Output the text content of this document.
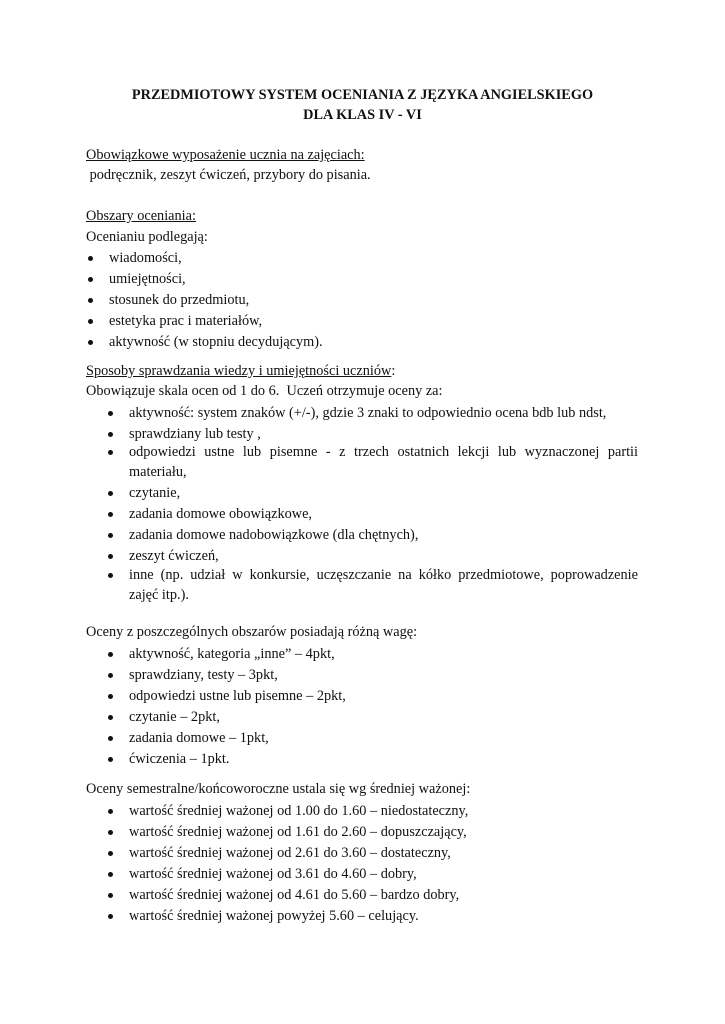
PRZEDMIOTOWY SYSTEM OCENIANIA Z JĘZYKA ANGIELSKIEGO
DLA KLAS IV - VI
Obowiązkowe wyposażenie ucznia na zajęciach:
podręcznik, zeszyt ćwiczeń, przybory do pisania.
Obszary oceniania:
Ocenianiu podlegają:
wiadomości,
umiejętności,
stosunek do przedmiotu,
estetyka prac i materiałów,
aktywność (w stopniu decydującym).
Sposoby sprawdzania wiedzy i umiejętności uczniów:
Obowiązuje skala ocen od 1 do 6.  Uczeń otrzymuje oceny za:
aktywność: system znaków (+/-), gdzie 3 znaki to odpowiednio ocena bdb lub ndst,
sprawdziany lub testy ,
odpowiedzi ustne lub pisemne - z trzech ostatnich lekcji lub wyznaczonej partii materiału,
czytanie,
zadania domowe obowiązkowe,
zadania domowe nadobowiązkowe (dla chętnych),
zeszyt ćwiczeń,
inne (np. udział w konkursie, uczęszczanie na kółko przedmiotowe, poprowadzenie zajęć itp.).
Oceny z poszczególnych obszarów posiadają różną wagę:
aktywność, kategoria „inne” – 4pkt,
sprawdziany, testy – 3pkt,
odpowiedzi ustne lub pisemne – 2pkt,
czytanie – 2pkt,
zadania domowe – 1pkt,
ćwiczenia – 1pkt.
Oceny semestralne/końcoworoczne ustala się wg średniej ważonej:
wartość średniej ważonej od 1.00 do 1.60 – niedostateczny,
wartość średniej ważonej od 1.61 do 2.60 – dopuszczający,
wartość średniej ważonej od 2.61 do 3.60 – dostateczny,
wartość średniej ważonej od 3.61 do 4.60 – dobry,
wartość średniej ważonej od 4.61 do 5.60 – bardzo dobry,
wartość średniej ważonej powyżej 5.60 – celujący.
